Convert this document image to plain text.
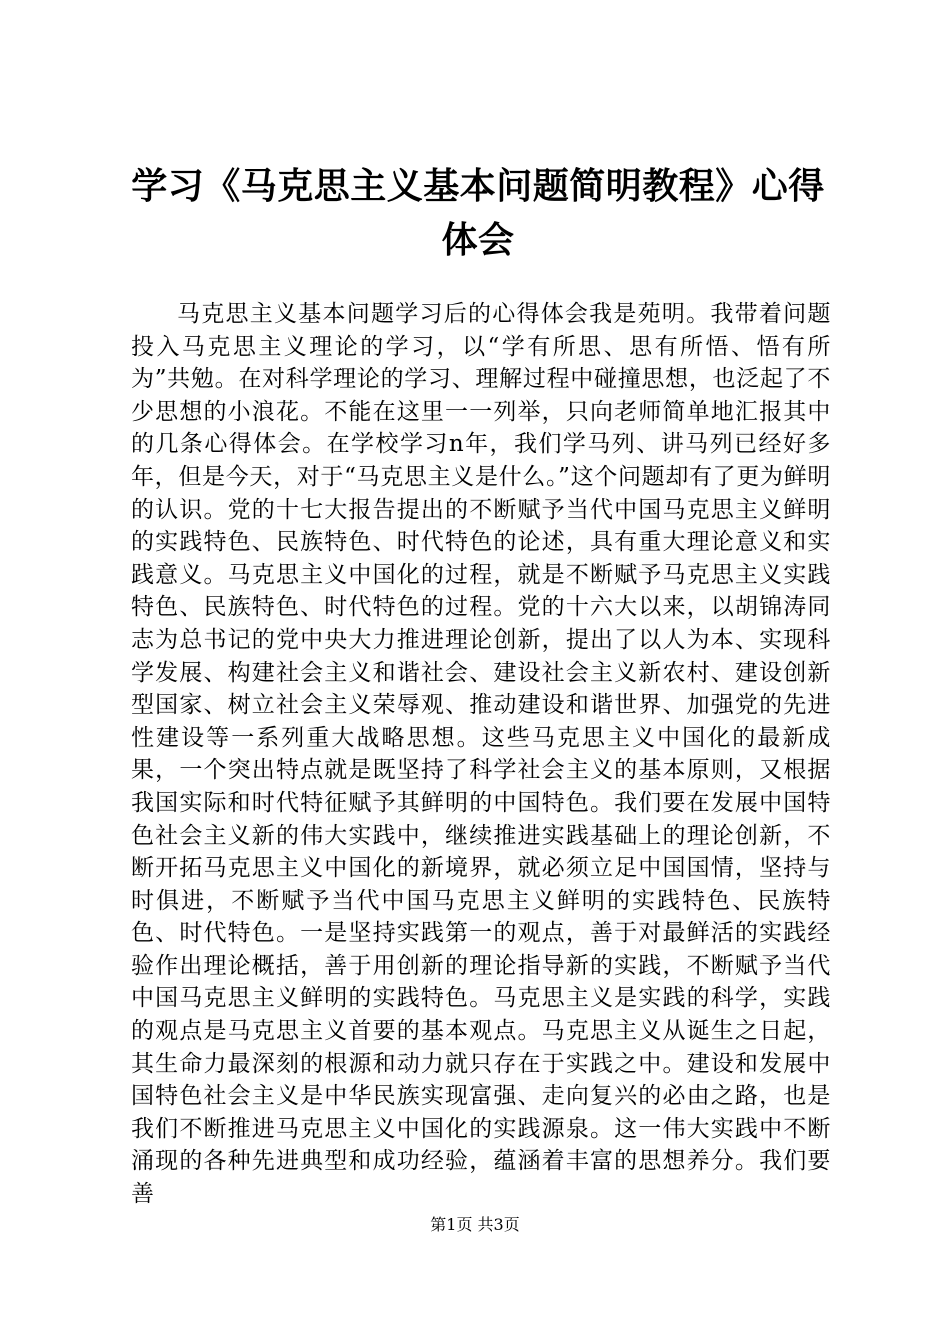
学习《马克思主义基本问题简明教程》心得体会

马克思主义基本问题学习后的心得体会我是苑明。我带着问题投入马克思主义理论的学习，以“学有所思、思有所悟、悟有所为”共勉。在对科学理论的学习、理解过程中碰撞思想，也泛起了不少思想的小浪花。不能在这里一一列举，只向老师简单地汇报其中的几条心得体会。在学校学习n年，我们学马列、讲马列已经好多年，但是今天，对于“马克思主义是什么。”这个问题却有了更为鲜明的认识。党的十七大报告提出的不断赋予当代中国马克思主义鲜明的实践特色、民族特色、时代特色的论述，具有重大理论意义和实践意义。马克思主义中国化的过程，就是不断赋予马克思主义实践特色、民族特色、时代特色的过程。党的十六大以来，以胡锦涛同志为总书记的党中央大力推进理论创新，提出了以人为本、实现科学发展、构建社会主义和谐社会、建设社会主义新农村、建设创新型国家、树立社会主义荣辱观、推动建设和谐世界、加强党的先进性建设等一系列重大战略思想。这些马克思主义中国化的最新成果，一个突出特点就是既坚持了科学社会主义的基本原则，又根据我国实际和时代特征赋予其鲜明的中国特色。我们要在发展中国特色社会主义新的伟大实践中，继续推进实践基础上的理论创新，不断开拓马克思主义中国化的新境界，就必须立足中国国情，坚持与时俱进，不断赋予当代中国马克思主义鲜明的实践特色、民族特色、时代特色。一是坚持实践第一的观点，善于对最鲜活的实践经验作出理论概括，善于用创新的理论指导新的实践，不断赋予当代中国马克思主义鲜明的实践特色。马克思主义是实践的科学，实践的观点是马克思主义首要的基本观点。马克思主义从诞生之日起，其生命力最深刻的根源和动力就只存在于实践之中。建设和发展中国特色社会主义是中华民族实现富强、走向复兴的必由之路，也是我们不断推进马克思主义中国化的实践源泉。这一伟大实践中不断涌现的各种先进典型和成功经验，蕴涵着丰富的思想养分。我们要善

第1页 共3页
